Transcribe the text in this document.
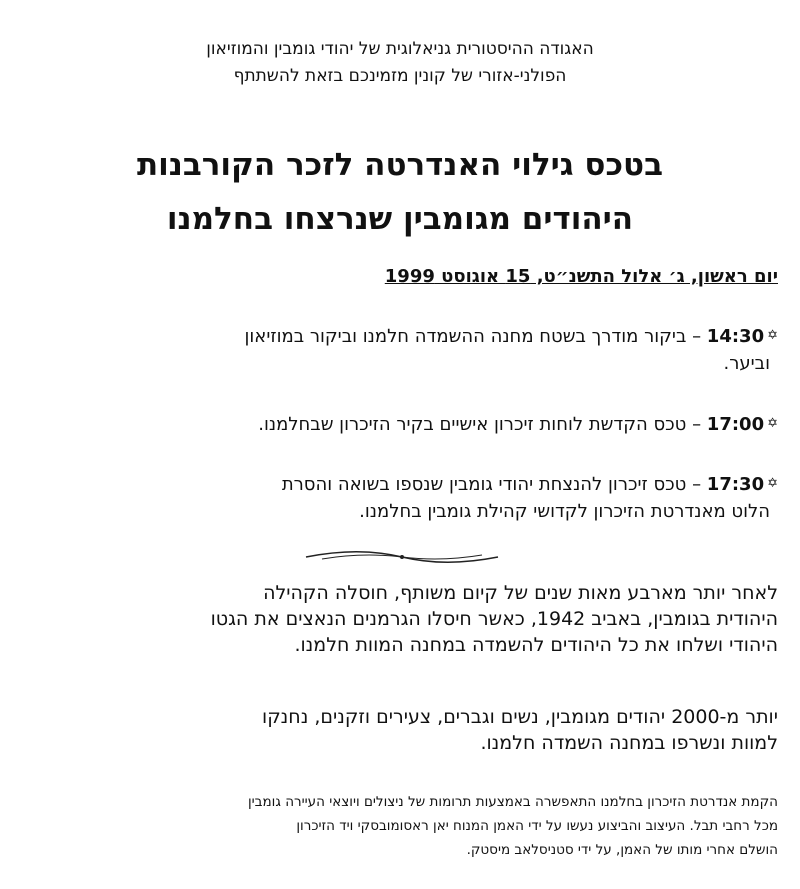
האגודה ההיסטורית גניאלוגית של יהודי גומבין והמוזיאון
הפולני-אזורי של קונין מזמינכם בזאת להשתתף
בטכס גילוי האנדרטה לזכר הקורבנות
היהודים מגומבין שנרצחו בחלמנו
יום ראשון, ג׳ אלול התשנ״ט, 15 אוגוסט 1999
✡14:30 – ביקור מודרך בשטח מחנה ההשמדה חלמנו וביקור במוזיאון
וביער.
✡17:00 – טכס הקדשת לוחות זיכרון אישיים בקיר הזיכרון שבחלמנו.
✡17:30 – טכס זיכרון להנצחת יהודי גומבין שנספו בשואה והסרת
הלוט מאנדרטת הזיכרון לקדושי קהילת גומבין בחלמנו.
לאחר יותר מארבע מאות שנים של קיום משותף, חוסלה הקהילה
היהודית בגומבין, באביב 1942, כאשר חיסלו הגרמנים הנאצים את הגטו
היהודי ושלחו את כל היהודים להשמדה במחנה המוות חלמנו.
יותר מ-2000 יהודים מגומבין, נשים וגברים, צעירים וזקנים, נחנקו
למוות ונשרפו במחנה השמדה חלמנו.
הקמת אנדרטת הזיכרון בחלמנו התאפשרה באמצעות תרומות של ניצולים ויוצאי העיירה גומבין
מכל רחבי תבל. העיצוב והביצוע נעשו על ידי האמן המנוח יאן ראסומובסקי ויד הזיכרון
הושלם אחרי מותו של האמן, על ידי סטניסלאב מיסטק.
